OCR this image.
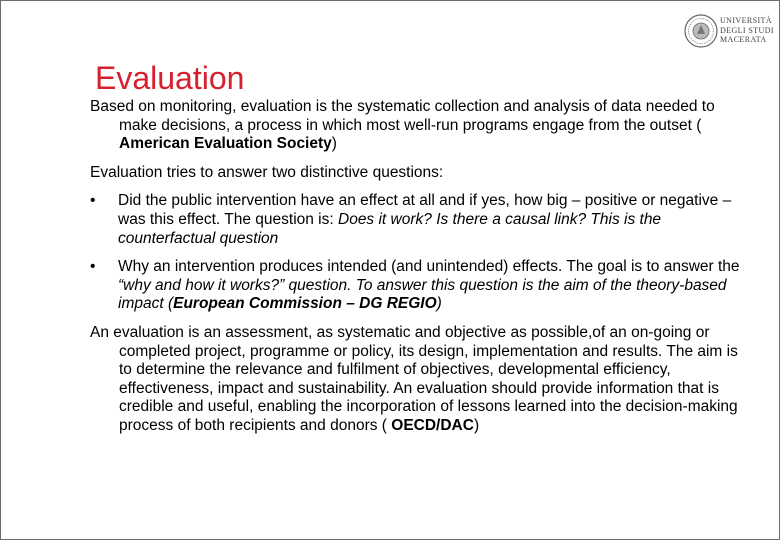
UNIVERSITÀ
DEGLI STUDI
MACERATA
Evaluation

Based on monitoring, evaluation is the systematic collection and analysis of data needed to make decisions, a process in which most well-run programs engage from the outset ( American Evaluation Society)

Evaluation tries to answer two distinctive questions:

• Did the public intervention have an effect at all and if yes, how big – positive or negative – was this effect. The question is: Does it work? Is there a causal link? This is the counterfactual question
• Why an intervention produces intended (and unintended) effects. The goal is to answer the “why and how it works?” question. To answer this question is the aim of the theory-based impact (European Commission – DG REGIO)

An evaluation is an assessment, as systematic and objective as possible,of an on-going or completed project, programme or policy, its design, implementation and results. The aim is to determine the relevance and fulfilment of objectives, developmental efficiency, effectiveness, impact and sustainability. An evaluation should provide information that is credible and useful, enabling the incorporation of lessons learned into the decision-making process of both recipients and donors ( OECD/DAC)
